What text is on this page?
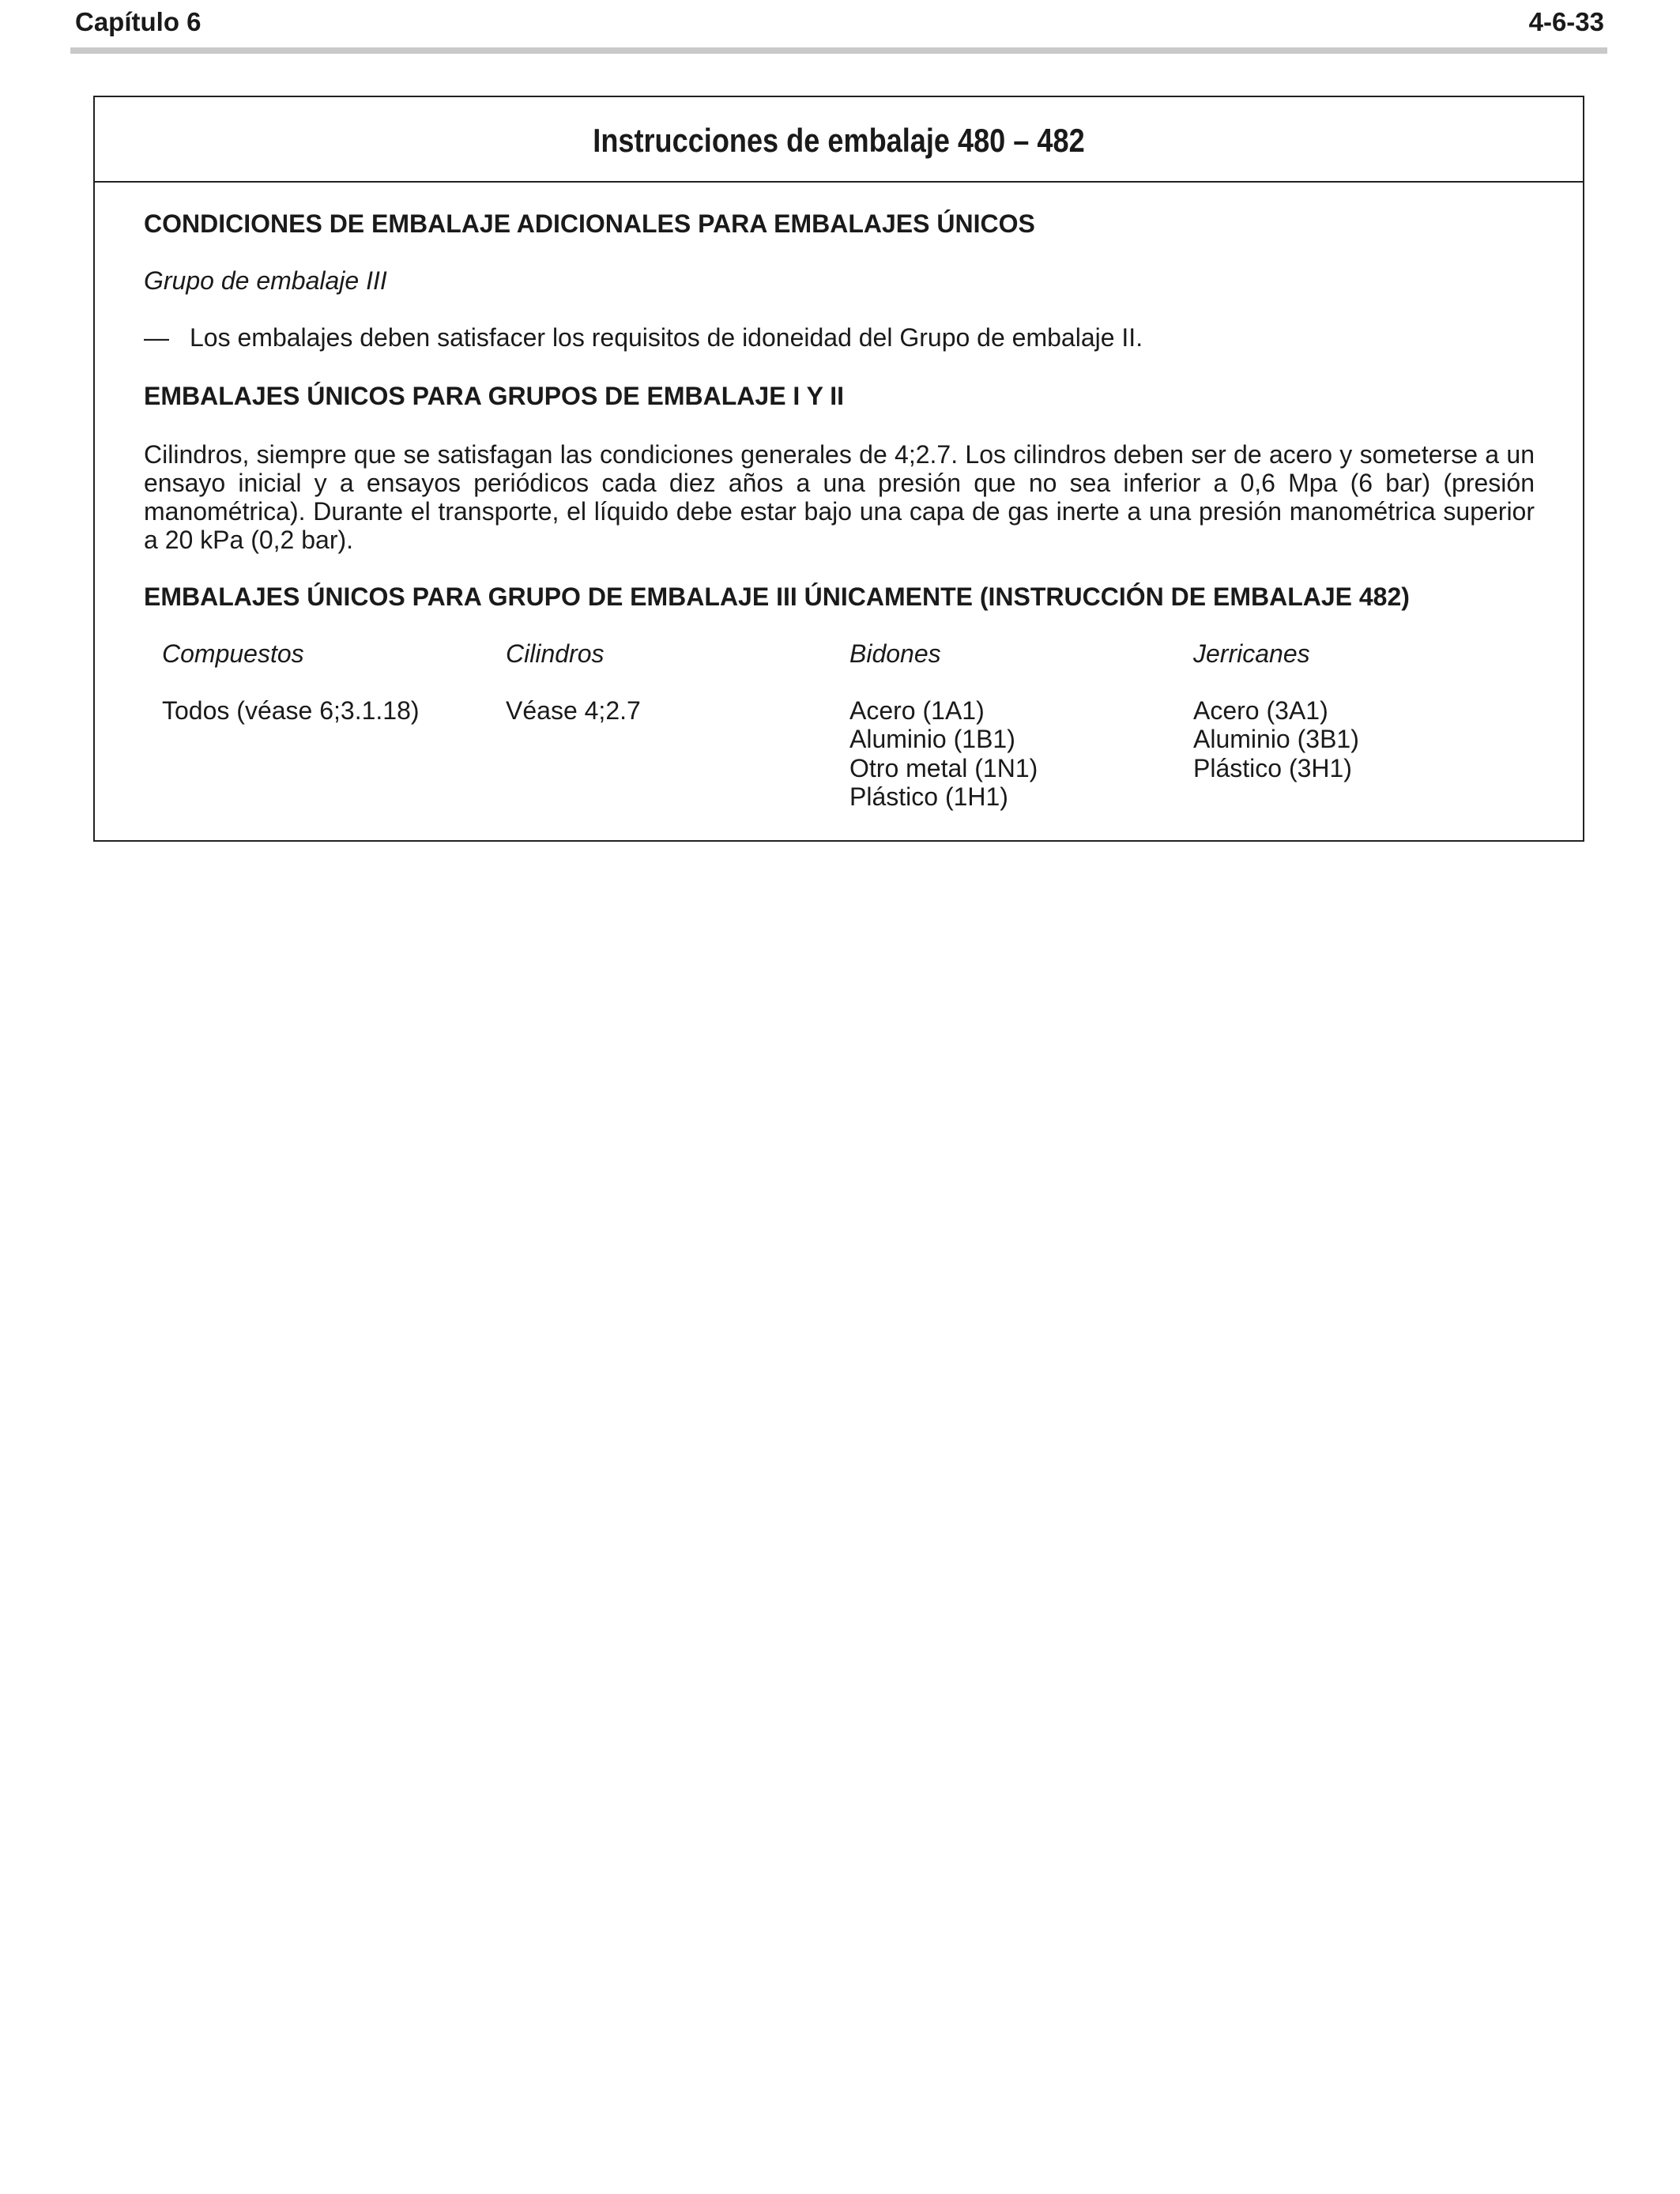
Capítulo 6	4-6-33
Instrucciones de embalaje 480 – 482
CONDICIONES DE EMBALAJE ADICIONALES PARA EMBALAJES ÚNICOS
Grupo de embalaje III
— Los embalajes deben satisfacer los requisitos de idoneidad del Grupo de embalaje II.
EMBALAJES ÚNICOS PARA GRUPOS DE EMBALAJE I Y II
Cilindros, siempre que se satisfagan las condiciones generales de 4;2.7. Los cilindros deben ser de acero y someterse a un ensayo inicial y a ensayos periódicos cada diez años a una presión que no sea inferior a 0,6 Mpa (6 bar) (presión manométrica). Durante el transporte, el líquido debe estar bajo una capa de gas inerte a una presión manométrica superior a 20 kPa (0,2 bar).
EMBALAJES ÚNICOS PARA GRUPO DE EMBALAJE III ÚNICAMENTE (INSTRUCCIÓN DE EMBALAJE 482)
Compuestos
Todos (véase 6;3.1.18)
Cilindros
Véase 4;2.7
Bidones
Acero (1A1)
Aluminio (1B1)
Otro metal (1N1)
Plástico (1H1)
Jerricanes
Acero (3A1)
Aluminio (3B1)
Plástico (3H1)
